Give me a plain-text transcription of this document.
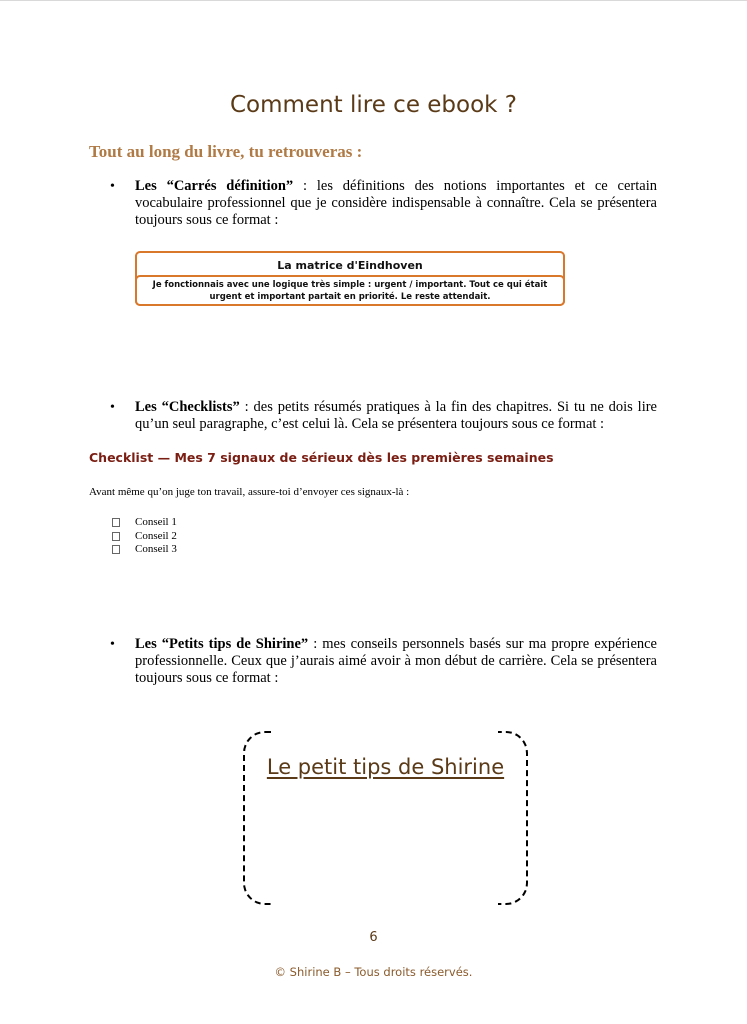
Comment lire ce ebook ?
Tout au long du livre, tu retrouveras :
• Les “Carrés définition” : les définitions des notions importantes et ce certain vocabulaire professionnel que je considère indispensable à connaître. Cela se présentera toujours sous ce format :
La matrice d'Eindhoven
Je fonctionnais avec une logique très simple : urgent / important. Tout ce qui était
urgent et important partait en priorité. Le reste attendait.
• Les “Checklists” : des petits résumés pratiques à la fin des chapitres. Si tu ne dois lire qu’un seul paragraphe, c’est celui là. Cela se présentera toujours sous ce format :
Checklist — Mes 7 signaux de sérieux dès les premières semaines
Avant même qu’on juge ton travail, assure-toi d’envoyer ces signaux-là :
Conseil 1
Conseil 2
Conseil 3
• Les “Petits tips de Shirine” : mes conseils personnels basés sur ma propre expérience professionnelle. Ceux que j’aurais aimé avoir à mon début de carrière. Cela se présentera toujours sous ce format :
Le petit tips de Shirine
6
© Shirine B – Tous droits réservés.
